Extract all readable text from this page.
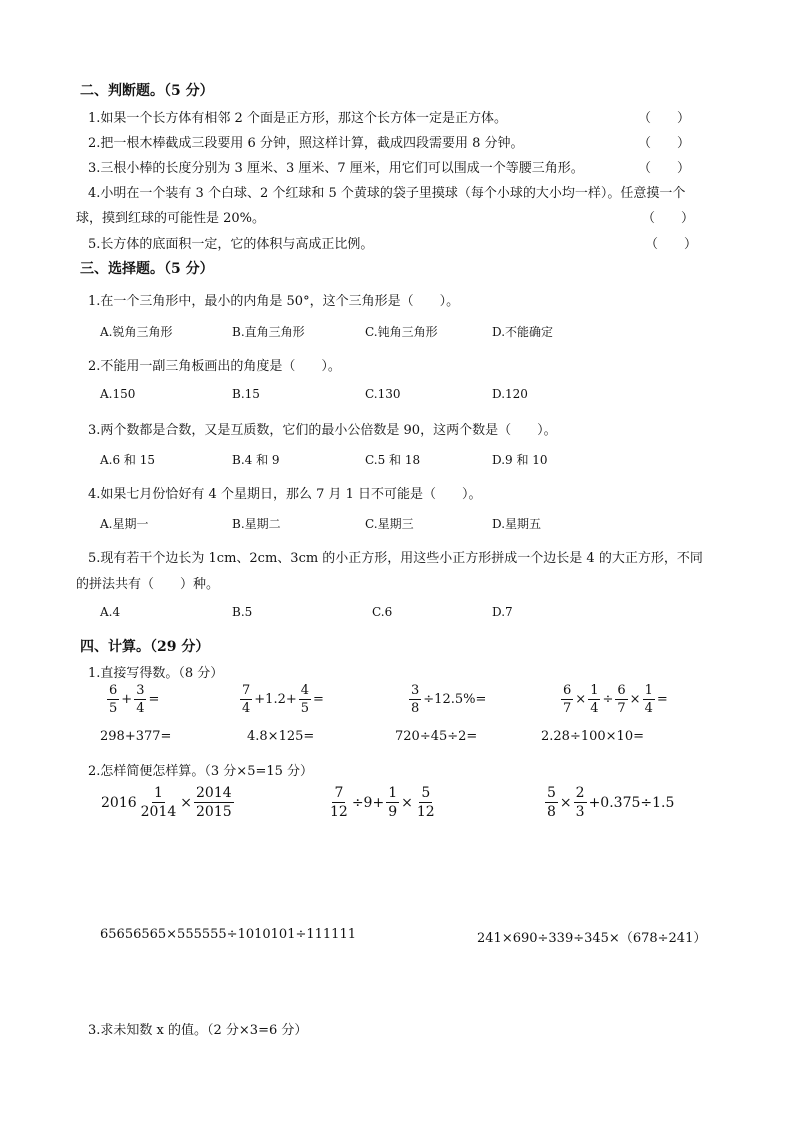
二、判断题。（5 分）
1.如果一个长方体有相邻 2 个面是正方形，那这个长方体一定是正方体。	（　　）
2.把一根木棒截成三段要用 6 分钟，照这样计算，截成四段需要用 8 分钟。	（　　）
3.三根小棒的长度分别为 3 厘米、3 厘米、7 厘米，用它们可以围成一个等腰三角形。	（　　）
4.小明在一个装有 3 个白球、2 个红球和 5 个黄球的袋子里摸球（每个小球的大小均一样）。任意摸一个
球，摸到红球的可能性是 20%。	（　　）
5.长方体的底面积一定，它的体积与高成正比例。	（　　）
三、选择题。（5 分）
1.在一个三角形中，最小的内角是 50°，这个三角形是（　　）。
A.锐角三角形	B.直角三角形	C.钝角三角形	D.不能确定
2.不能用一副三角板画出的角度是（　　）。
A.150	B.15	C.130	D.120
3.两个数都是合数，又是互质数，它们的最小公倍数是 90，这两个数是（　　）。
A.6 和 15	B.4 和 9	C.5 和 18	D.9 和 10
4.如果七月份恰好有 4 个星期日，那么 7 月 1 日不可能是（　　）。
A.星期一	B.星期二	C.星期三	D.星期五
5.现有若干个边长为 1cm、2cm、3cm 的小正方形，用这些小正方形拼成一个边长是 4 的大正方形，不同
的拼法共有（　　）种。
A.4	B.5	C.6	D.7
四、计算。（29 分）
1.直接写得数。（8 分）
$\frac{6}{5} + \frac{3}{4}$ =	$\frac{7}{4} +1.2+ \frac{4}{5}$ =	$\frac{3}{8} \div 12.5\%=$	$\frac{6}{7} \times \frac{1}{4} \div \frac{6}{7} \times \frac{1}{4}$ =
298+377=	4.8×125=	720÷45÷2=	2.28÷100×10=
2.怎样简便怎样算。（3 分×5=15 分）
$2016 \frac{1}{2014} \times \frac{2014}{2015}$	$\frac{7}{12} \div 9+ \frac{1}{9} \times \frac{5}{12}$	$\frac{5}{8} \times \frac{2}{3} +0.375\div 1.5$
65656565×555555÷1010101÷111111	241×690÷339÷345×（678÷241）
3.求未知数 x 的值。（2 分×3=6 分）
